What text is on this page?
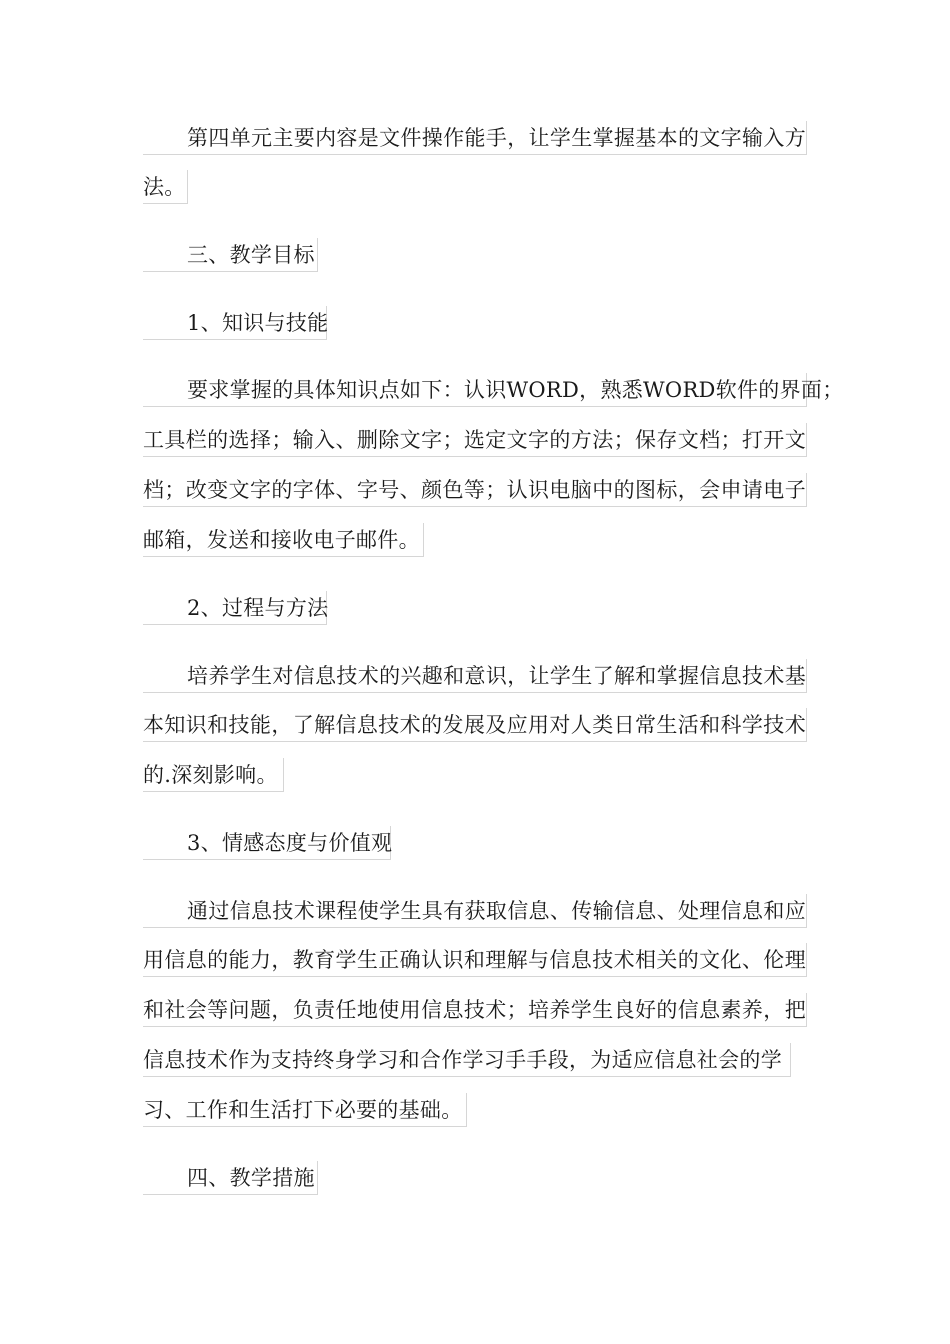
第四单元主要内容是文件操作能手，让学生掌握基本的文字输入方
法。
三、教学目标
1、知识与技能
要求掌握的具体知识点如下：认识WORD，熟悉WORD软件的界面；
工具栏的选择；输入、删除文字；选定文字的方法；保存文档；打开文
档；改变文字的字体、字号、颜色等；认识电脑中的图标，会申请电子
邮箱，发送和接收电子邮件。
2、过程与方法
培养学生对信息技术的兴趣和意识，让学生了解和掌握信息技术基
本知识和技能，了解信息技术的发展及应用对人类日常生活和科学技术
的.深刻影响。
3、情感态度与价值观
通过信息技术课程使学生具有获取信息、传输信息、处理信息和应
用信息的能力，教育学生正确认识和理解与信息技术相关的文化、伦理
和社会等问题，负责任地使用信息技术；培养学生良好的信息素养，把
信息技术作为支持终身学习和合作学习手手段，为适应信息社会的学
习、工作和生活打下必要的基础。
四、教学措施
